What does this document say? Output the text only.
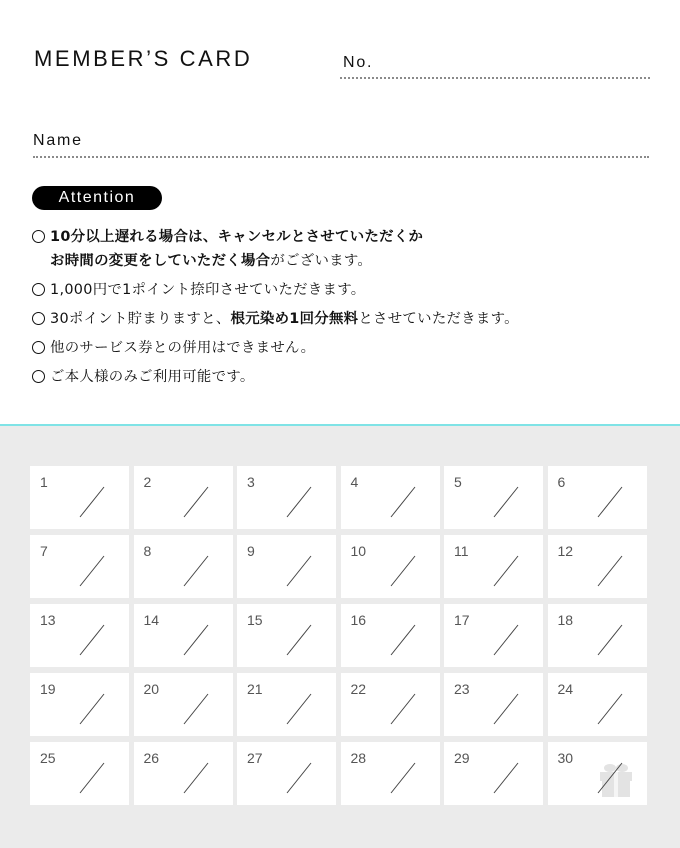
MEMBER’S CARD	No.
Name
Attention
10分以上遅れる場合は、キャンセルとさせていただくか
お時間の変更をしていただく場合がございます。
1,000円で1ポイント捺印させていただきます。
30ポイント貯まりますと、根元染め1回分無料とさせていただきます。
他のサービス券との併用はできません。
ご本人様のみご利用可能です。
1	2	3	4	5	6
7	8	9	10	11	12
13	14	15	16	17	18
19	20	21	22	23	24
25	26	27	28	29	30
